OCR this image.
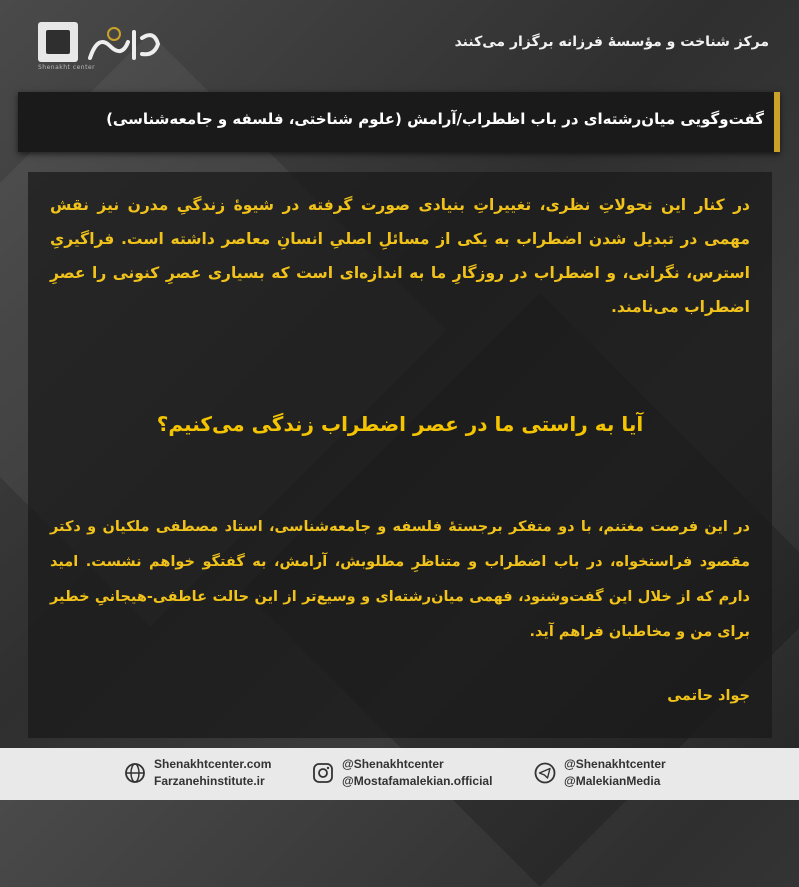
Shenakht center
مرکز شناخت و مؤسسهٔ فرزانه برگزار می‌کنند
گفت‌وگویی میان‌رشته‌ای در باب اظطراب/آرامش (علوم شناختی، فلسفه و جامعه‌شناسی)
در کنار این تحولاتِ نظری، تغییراتِ بنیادی صورت گرفته در شیوهٔ زندگیِ مدرن نیز نقش مهمی در تبدیل شدن اضطراب به یکی از مسائلِ اصلیِ انسانِ معاصر داشته است. فراگیریِ استرس، نگرانی، و اضطراب در روزگارِ ما به اندازه‌ای است که بسیاری عصرِ کنونی را عصرِ اضطراب می‌نامند.
آیا به راستی ما در عصر اضطراب زندگی می‌کنیم؟
در این فرصت مغتنم، با دو متفکر برجستهٔ فلسفه و جامعه‌شناسی، استاد مصطفی ملکیان و دکتر مقصود فراستخواه، در باب اضطراب و متناظرِ مطلوبش، آرامش، به گفتگو خواهم نشست. امید دارم که از خلال این گفت‌وشنود، فهمی میان‌رشته‌ای و وسیع‌تر از این حالت عاطفی-هیجانیِ خطیر برای من و مخاطبان فراهم آید.
جواد حاتمی
Shenakhtcenter.com
Farzanehinstitute.ir
@Shenakhtcenter
@Mostafamalekian.official
@Shenakhtcenter
@MalekianMedia
